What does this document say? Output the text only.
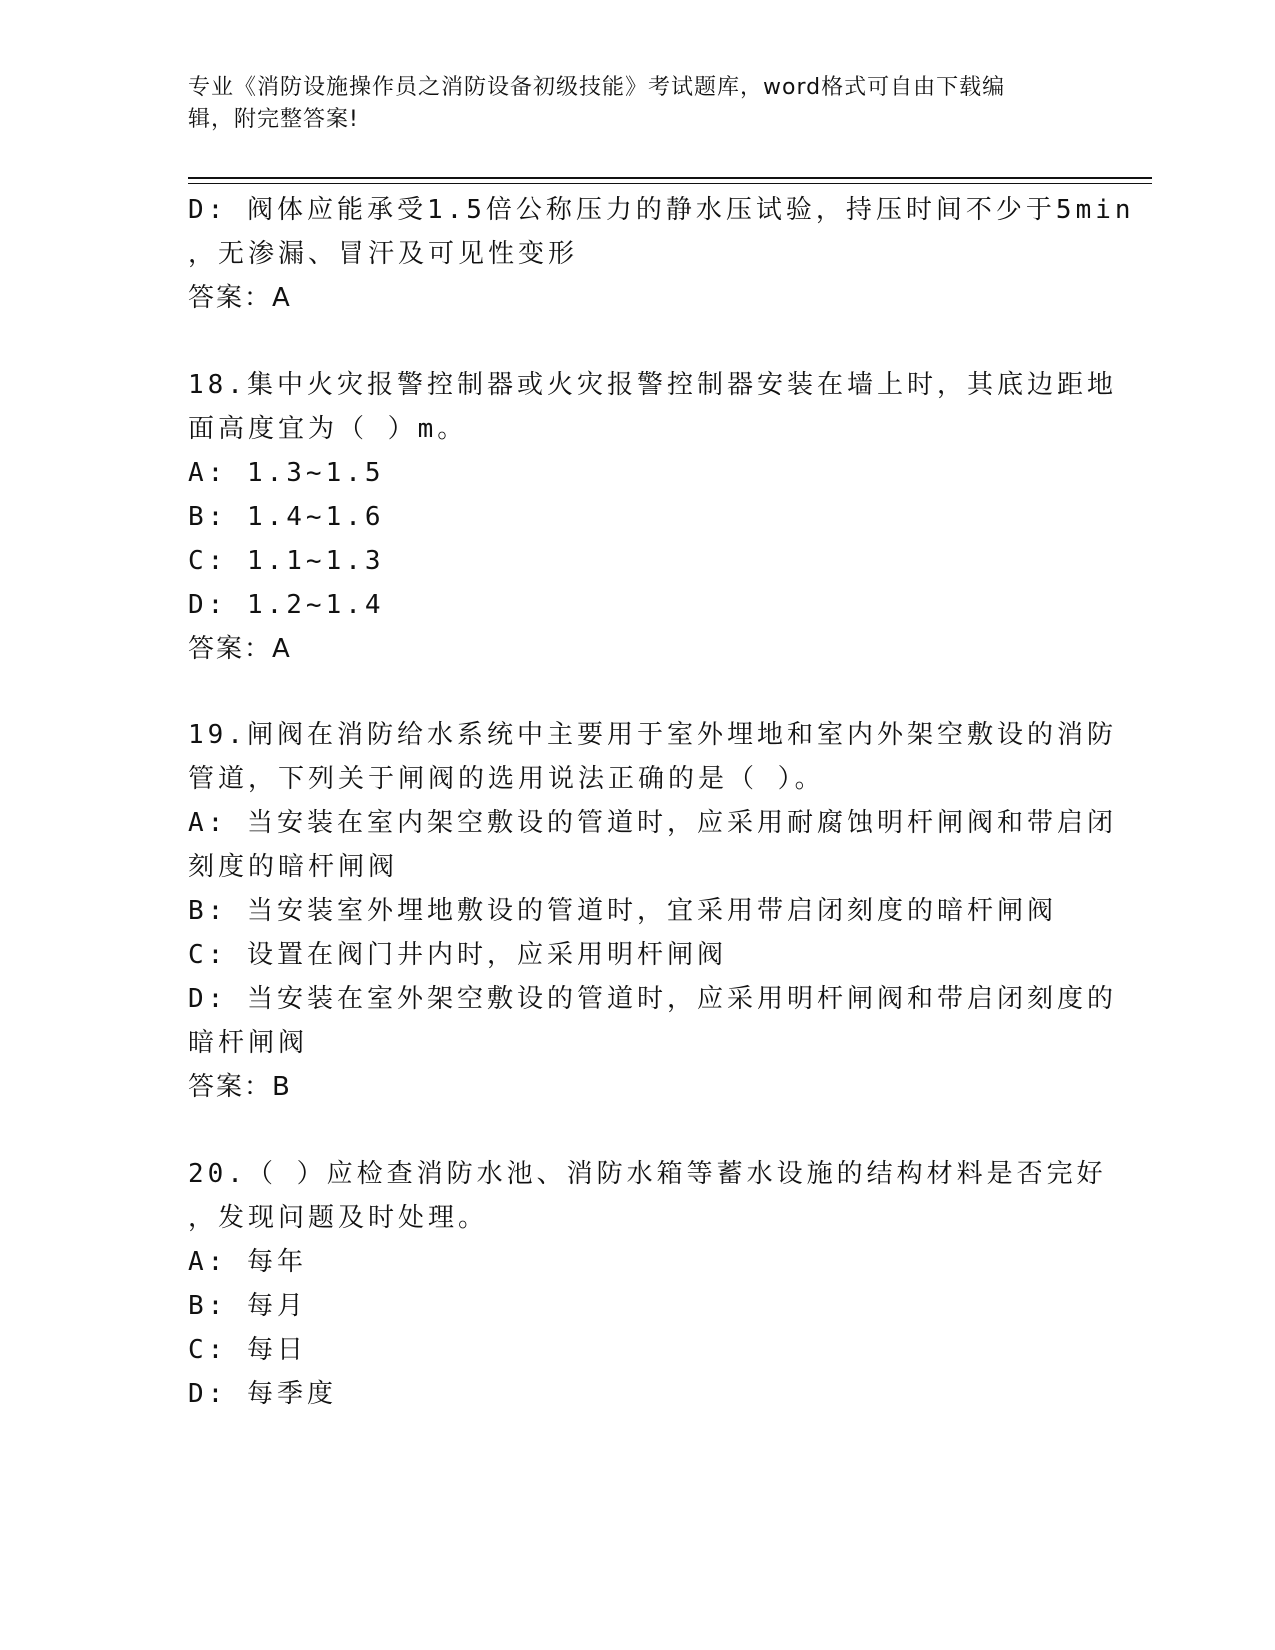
专业《消防设施操作员之消防设备初级技能》考试题库，word格式可自由下载编
辑，附完整答案!
D: 阀体应能承受1.5倍公称压力的静水压试验，持压时间不少于5min
，无渗漏、冒汗及可见性变形
答案：A
18.集中火灾报警控制器或火灾报警控制器安装在墙上时，其底边距地
面高度宜为（ ）m。
A: 1.3~1.5
B: 1.4~1.6
C: 1.1~1.3
D: 1.2~1.4
答案：A
19.闸阀在消防给水系统中主要用于室外埋地和室内外架空敷设的消防
管道，下列关于闸阀的选用说法正确的是（ ）。
A: 当安装在室内架空敷设的管道时，应采用耐腐蚀明杆闸阀和带启闭
刻度的暗杆闸阀
B: 当安装室外埋地敷设的管道时，宜采用带启闭刻度的暗杆闸阀
C: 设置在阀门井内时，应采用明杆闸阀
D: 当安装在室外架空敷设的管道时，应采用明杆闸阀和带启闭刻度的
暗杆闸阀
答案：B
20.（ ）应检查消防水池、消防水箱等蓄水设施的结构材料是否完好
，发现问题及时处理。
A: 每年
B: 每月
C: 每日
D: 每季度
